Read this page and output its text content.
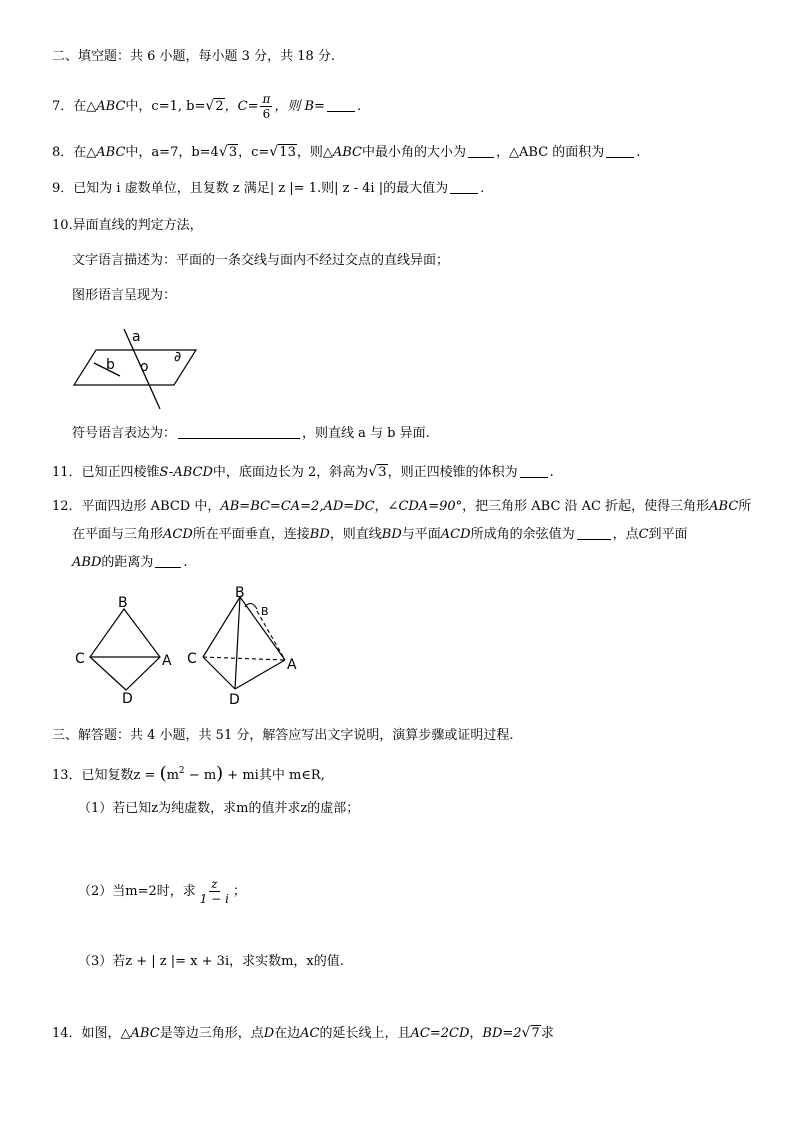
二、填空题：共 6 小题，每小题 3 分，共 18 分.
7．在△ABC中，c=1, b= √ 2，$C= \frac{\pi}{6}$ ，则 B= .
8．在△ABC中，a=7，b=4 √ 3，c= √ 13，则△ABC中最小角的大小为 ，△ABC 的面积为 .
9．已知为 i 虚数单位，且复数 z 满足| z |= 1.则| z - 4i |的最大值为 .
10.异面直线的判定方法，
文字语言描述为：平面的一条交线与面内不经过交点的直线异面；
图形语言呈现为：
a
b o
∂
符号语言表达为：	，则直线 a 与 b 异面.
11．已知正四棱锥S-ABCD中，底面边长为 2，斜高为 √ 3，则正四棱锥的体积为 .
12．平面四边形 ABCD 中，AB=BC=CA=2,AD=DC，∠CDA=90°，把三角形 ABC 沿 AC 折起，使得三角形ABC所
在平面与三角形ACD所在平面垂直，连接BD，则直线BD与平面ACD所成角的余弦值为	，点C到平面
ABD的距离为 .
B
C	A
D
B
B
C	A
D
三、解答题：共 4 小题，共 51 分，解答应写出文字说明，演算步骤或证明过程.
13．已知复数$z = (m^2 - m)$ + mi其中 m∈R,
（1）若已知z为纯虚数，求m的值并求z的虚部；
（2）当m=2时，求 $\frac{z}{1 - i}$ ；
（3）若z + | z |= x + 3i，求实数m，x的值.
14．如图，△ABC是等边三角形，点D在边AC的延长线上，且AC=2CD，BD=2 √ 7求
